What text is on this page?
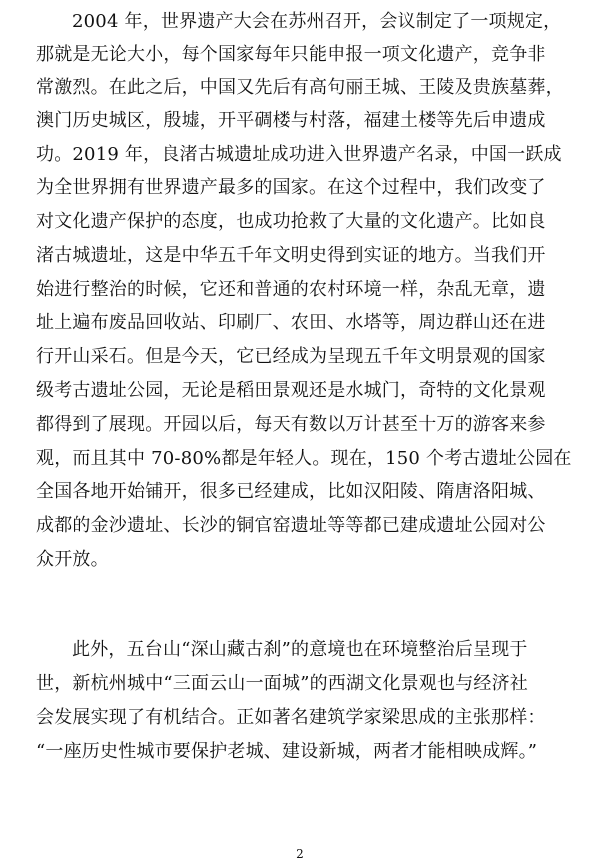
2004 年，世界遗产大会在苏州召开，会议制定了一项规定，
那就是无论大小，每个国家每年只能申报一项文化遗产，竞争非
常激烈。在此之后，中国又先后有高句丽王城、王陵及贵族墓葬，
澳门历史城区，殷墟，开平碉楼与村落，福建土楼等先后申遗成
功。2019 年，良渚古城遗址成功进入世界遗产名录，中国一跃成
为全世界拥有世界遗产最多的国家。在这个过程中，我们改变了
对文化遗产保护的态度，也成功抢救了大量的文化遗产。比如良
渚古城遗址，这是中华五千年文明史得到实证的地方。当我们开
始进行整治的时候，它还和普通的农村环境一样，杂乱无章，遗
址上遍布废品回收站、印刷厂、农田、水塔等，周边群山还在进
行开山采石。但是今天，它已经成为呈现五千年文明景观的国家
级考古遗址公园，无论是稻田景观还是水城门，奇特的文化景观
都得到了展现。开园以后，每天有数以万计甚至十万的游客来参
观，而且其中 70-80%都是年轻人。现在，150 个考古遗址公园在
全国各地开始铺开，很多已经建成，比如汉阳陵、隋唐洛阳城、
成都的金沙遗址、长沙的铜官窑遗址等等都已建成遗址公园对公
众开放。
此外，五台山“深山藏古刹”的意境也在环境整治后呈现于
世，新杭州城中“三面云山一面城”的西湖文化景观也与经济社
会发展实现了有机结合。正如著名建筑学家梁思成的主张那样：
“一座历史性城市要保护老城、建设新城，两者才能相映成辉。”
2
